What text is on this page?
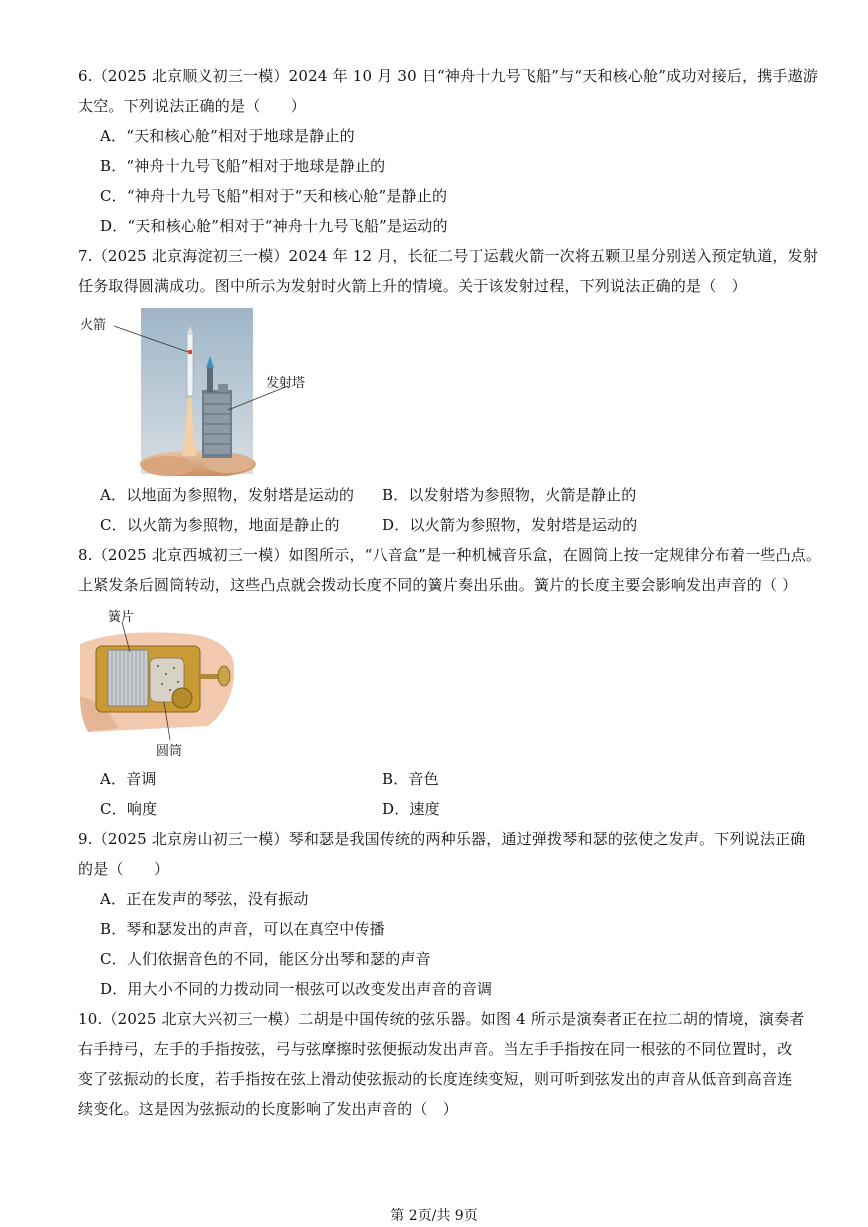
6.（2025 北京顺义初三一模）2024 年 10 月 30 日“神舟十九号飞船”与“天和核心舱”成功对接后，携手遨游
太空。下列说法正确的是（　　）
A．“天和核心舱”相对于地球是静止的
B．“神舟十九号飞船”相对于地球是静止的
C．“神舟十九号飞船”相对于“天和核心舱”是静止的
D．“天和核心舱”相对于“神舟十九号飞船”是运动的
7.（2025 北京海淀初三一模）2024 年 12 月，长征二号丁运载火箭一次将五颗卫星分别送入预定轨道，发射
任务取得圆满成功。图中所示为发射时火箭上升的情境。关于该发射过程，下列说法正确的是（　）
火箭
发射塔
A．以地面为参照物，发射塔是运动的 B．以发射塔为参照物，火箭是静止的
C．以火箭为参照物，地面是静止的	D．以火箭为参照物，发射塔是运动的
8.（2025 北京西城初三一模）如图所示，“八音盒”是一种机械音乐盒，在圆筒上按一定规律分布着一些凸点。
上紧发条后圆筒转动，这些凸点就会拨动长度不同的簧片奏出乐曲。簧片的长度主要会影响发出声音的（ ）
簧片
圆筒
A．音调	B．音色
C．响度	D．速度
9.（2025 北京房山初三一模）琴和瑟是我国传统的两种乐器，通过弹拨琴和瑟的弦使之发声。下列说法正确
的是（　　）
A．正在发声的琴弦，没有振动
B．琴和瑟发出的声音，可以在真空中传播
C．人们依据音色的不同，能区分出琴和瑟的声音
D．用大小不同的力拨动同一根弦可以改变发出声音的音调
10.（2025 北京大兴初三一模）二胡是中国传统的弦乐器。如图 4 所示是演奏者正在拉二胡的情境，演奏者
右手持弓，左手的手指按弦，弓与弦摩擦时弦便振动发出声音。当左手手指按在同一根弦的不同位置时，改
变了弦振动的长度，若手指按在弦上滑动使弦振动的长度连续变短，则可听到弦发出的声音从低音到高音连
续变化。这是因为弦振动的长度影响了发出声音的（　）
第 2页/共 9页
